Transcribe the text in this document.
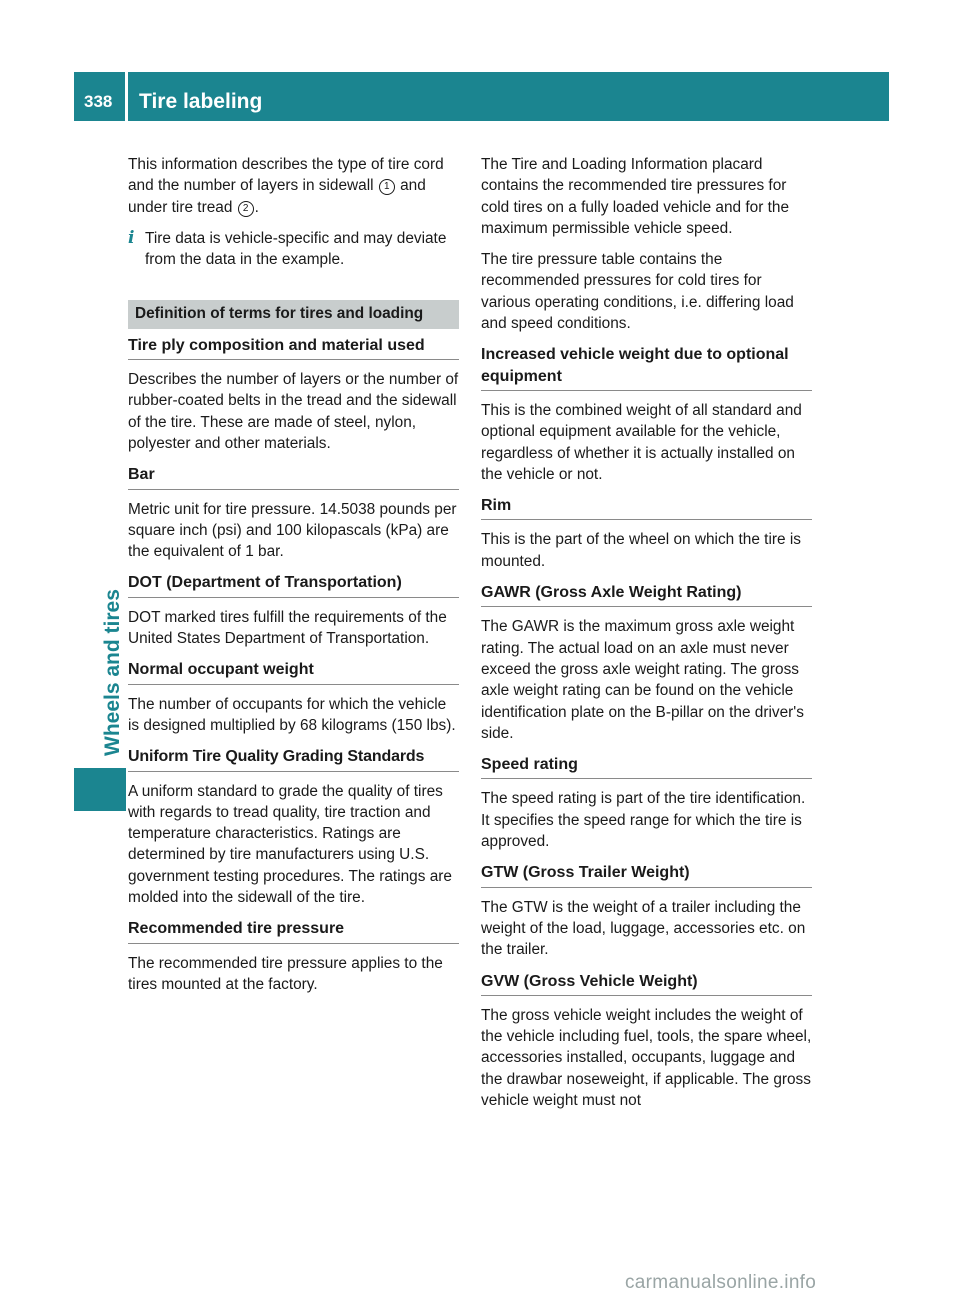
338 Tire labeling
Wheels and tires

This information describes the type of tire cord and the number of layers in sidewall 1 and under tire tread 2 .

i Tire data is vehicle-specific and may deviate from the data in the example.
Definition of terms for tires and loading

Tire ply composition and material used

Describes the number of layers or the number of rubber-coated belts in the tread and the sidewall of the tire. These are made of steel, nylon, polyester and other materials.

Bar

Metric unit for tire pressure. 14.5038 pounds per square inch (psi) and 100 kilopascals (kPa) are the equivalent of 1 bar.

DOT (Department of Transportation)

DOT marked tires fulfill the requirements of the United States Department of Transportation.

Normal occupant weight

The number of occupants for which the vehicle is designed multiplied by 68 kilograms (150 lbs).

Uniform Tire Quality Grading Standards

A uniform standard to grade the quality of tires with regards to tread quality, tire traction and temperature characteristics. Ratings are determined by tire manufacturers using U.S. government testing procedures. The ratings are molded into the sidewall of the tire.

Recommended tire pressure

The recommended tire pressure applies to the tires mounted at the factory.

The Tire and Loading Information placard contains the recommended tire pressures for cold tires on a fully loaded vehicle and for the maximum permissible vehicle speed.

The tire pressure table contains the recommended pressures for cold tires for various operating conditions, i.e. differing load and speed conditions.

Increased vehicle weight due to optional equipment

This is the combined weight of all standard and optional equipment available for the vehicle, regardless of whether it is actually installed on the vehicle or not.

Rim

This is the part of the wheel on which the tire is mounted.

GAWR (Gross Axle Weight Rating)

The GAWR is the maximum gross axle weight rating. The actual load on an axle must never exceed the gross axle weight rating. The gross axle weight rating can be found on the vehicle identification plate on the B-pillar on the driver's side.

Speed rating

The speed rating is part of the tire identification. It specifies the speed range for which the tire is approved.

GTW (Gross Trailer Weight)

The GTW is the weight of a trailer including the weight of the load, luggage, accessories etc. on the trailer.

GVW (Gross Vehicle Weight)

The gross vehicle weight includes the weight of the vehicle including fuel, tools, the spare wheel, accessories installed, occupants, luggage and the drawbar noseweight, if applicable. The gross vehicle weight must not

carmanualsonline.info
